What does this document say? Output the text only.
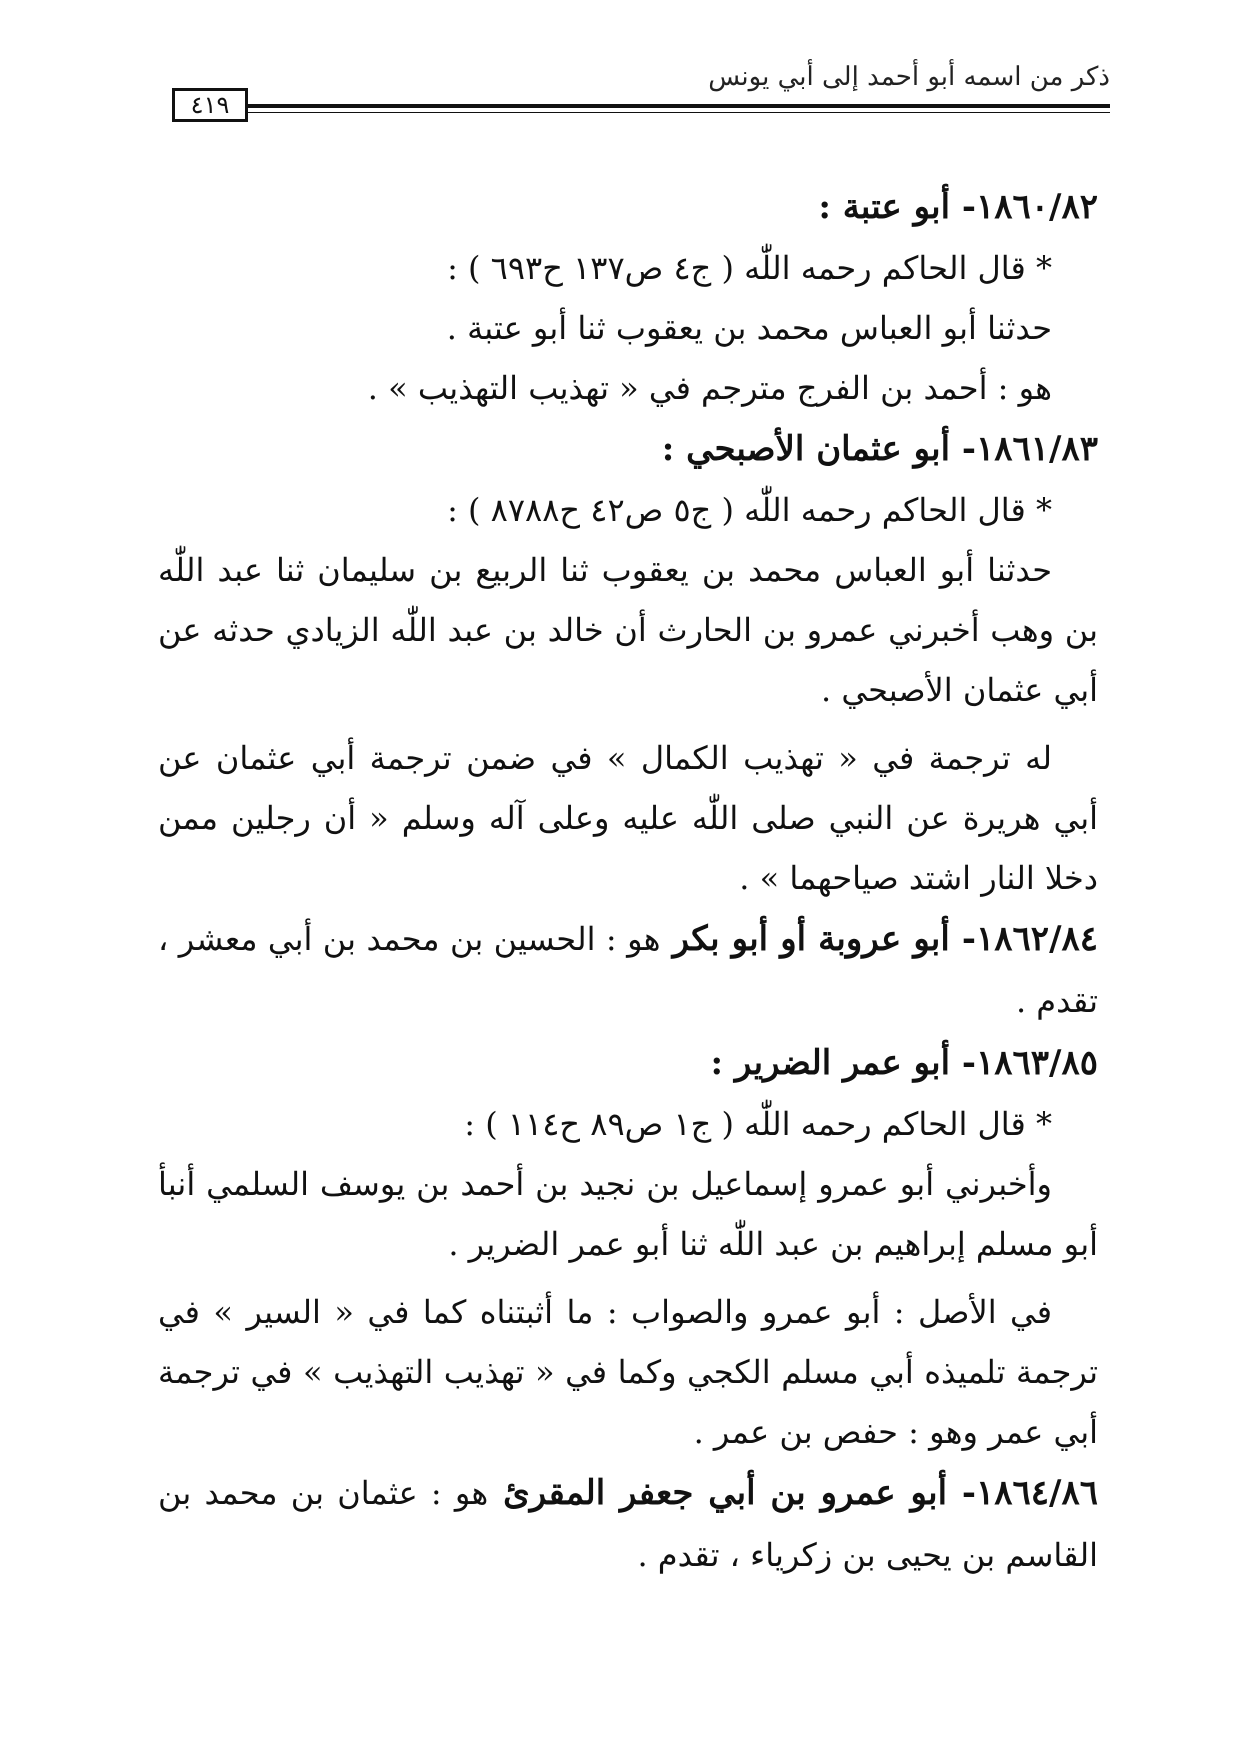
ذكر من اسمه أبو أحمد إلى أبي يونس
٤١٩

١٨٦٠/٨٢- أبو عتبة :

* قال الحاكم رحمه اللّٰه ( ج٤ ص١٣٧ ح٦٩٣ ) :

حدثنا أبو العباس محمد بن يعقوب ثنا أبو عتبة .

هو : أحمد بن الفرج مترجم في « تهذيب التهذيب » .

١٨٦١/٨٣- أبو عثمان الأصبحي :

* قال الحاكم رحمه اللّٰه ( ج٥ ص٤٢ ح٨٧٨٨ ) :

حدثنا أبو العباس محمد بن يعقوب ثنا الربيع بن سليمان ثنا عبد اللّٰه بن وهب أخبرني عمرو بن الحارث أن خالد بن عبد اللّٰه الزيادي حدثه عن أبي عثمان الأصبحي .

له ترجمة في « تهذيب الكمال » في ضمن ترجمة أبي عثمان عن أبي هريرة عن النبي صلى اللّٰه عليه وعلى آله وسلم « أن رجلين ممن دخلا النار اشتد صياحهما » .

١٨٦٢/٨٤- أبو عروبة أو أبو بكر هو : الحسين بن محمد بن أبي معشر ، تقدم .

١٨٦٣/٨٥- أبو عمر الضرير :

* قال الحاكم رحمه اللّٰه ( ج١ ص٨٩ ح١١٤ ) :

وأخبرني أبو عمرو إسماعيل بن نجيد بن أحمد بن يوسف السلمي أنبأ أبو مسلم إبراهيم بن عبد اللّٰه ثنا أبو عمر الضرير .

في الأصل : أبو عمرو والصواب : ما أثبتناه كما في « السير » في ترجمة تلميذه أبي مسلم الكجي وكما في « تهذيب التهذيب » في ترجمة أبي عمر وهو : حفص بن عمر .

١٨٦٤/٨٦- أبو عمرو بن أبي جعفر المقرئ هو : عثمان بن محمد بن القاسم بن يحيى بن زكرياء ، تقدم .
